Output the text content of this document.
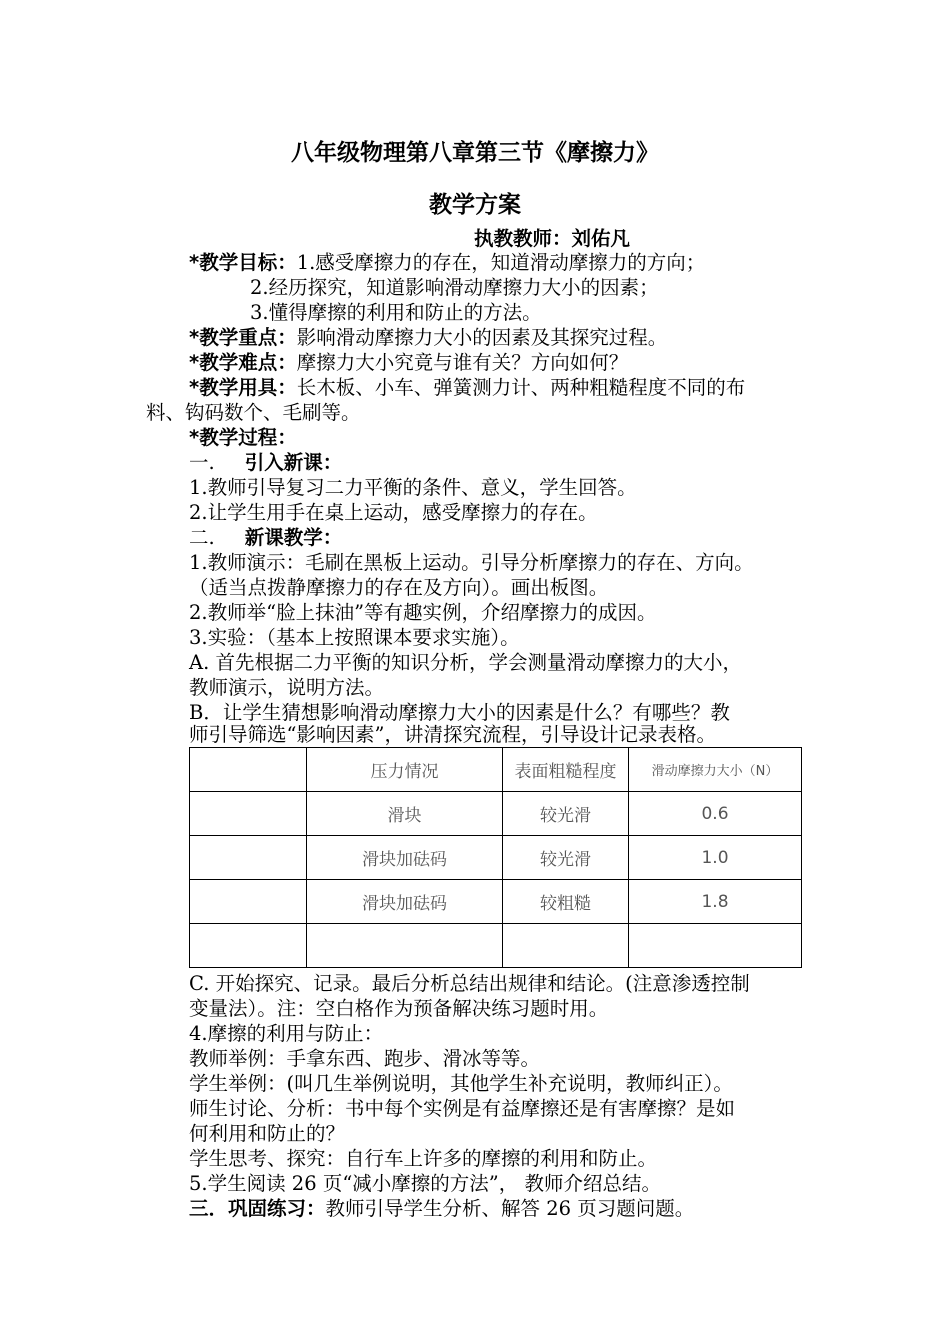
八年级物理第八章第三节《摩擦力》
教学方案
执教教师：刘佑凡
*教学目标：1.感受摩擦力的存在，知道滑动摩擦力的方向；
2.经历探究，知道影响滑动摩擦力大小的因素；
3.懂得摩擦的利用和防止的方法。
*教学重点：影响滑动摩擦力大小的因素及其探究过程。
*教学难点：摩擦力大小究竟与谁有关？方向如何？
*教学用具：长木板、小车、弹簧测力计、两种粗糙程度不同的布
料、钩码数个、毛刷等。
*教学过程：
一. 引入新课：
1.教师引导复习二力平衡的条件、意义，学生回答。
2.让学生用手在桌上运动，感受摩擦力的存在。
二. 新课教学：
1.教师演示：毛刷在黑板上运动。引导分析摩擦力的存在、方向。
（适当点拨静摩擦力的存在及方向）。画出板图。
2.教师举“脸上抹油”等有趣实例，介绍摩擦力的成因。
3.实验：（基本上按照课本要求实施）。
A. 首先根据二力平衡的知识分析，学会测量滑动摩擦力的大小，
教师演示，说明方法。
B．让学生猜想影响滑动摩擦力大小的因素是什么？有哪些？教
师引导筛选“影响因素”，讲清探究流程，引导设计记录表格。
	压力情况	表面粗糙程度	滑动摩擦力大小（N）
	滑块	较光滑	0.6
	滑块加砝码	较光滑	1.0
	滑块加砝码	较粗糙	1.8

C. 开始探究、记录。最后分析总结出规律和结论。(注意渗透控制
变量法）。注：空白格作为预备解决练习题时用。
4.摩擦的利用与防止：
教师举例：手拿东西、跑步、滑冰等等。
学生举例：(叫几生举例说明，其他学生补充说明，教师纠正）。
师生讨论、分析：书中每个实例是有益摩擦还是有害摩擦？是如
何利用和防止的？
学生思考、探究：自行车上许多的摩擦的利用和防止。
5.学生阅读 26 页“减小摩擦的方法”， 教师介绍总结。
三．巩固练习：教师引导学生分析、解答 26 页习题问题。
